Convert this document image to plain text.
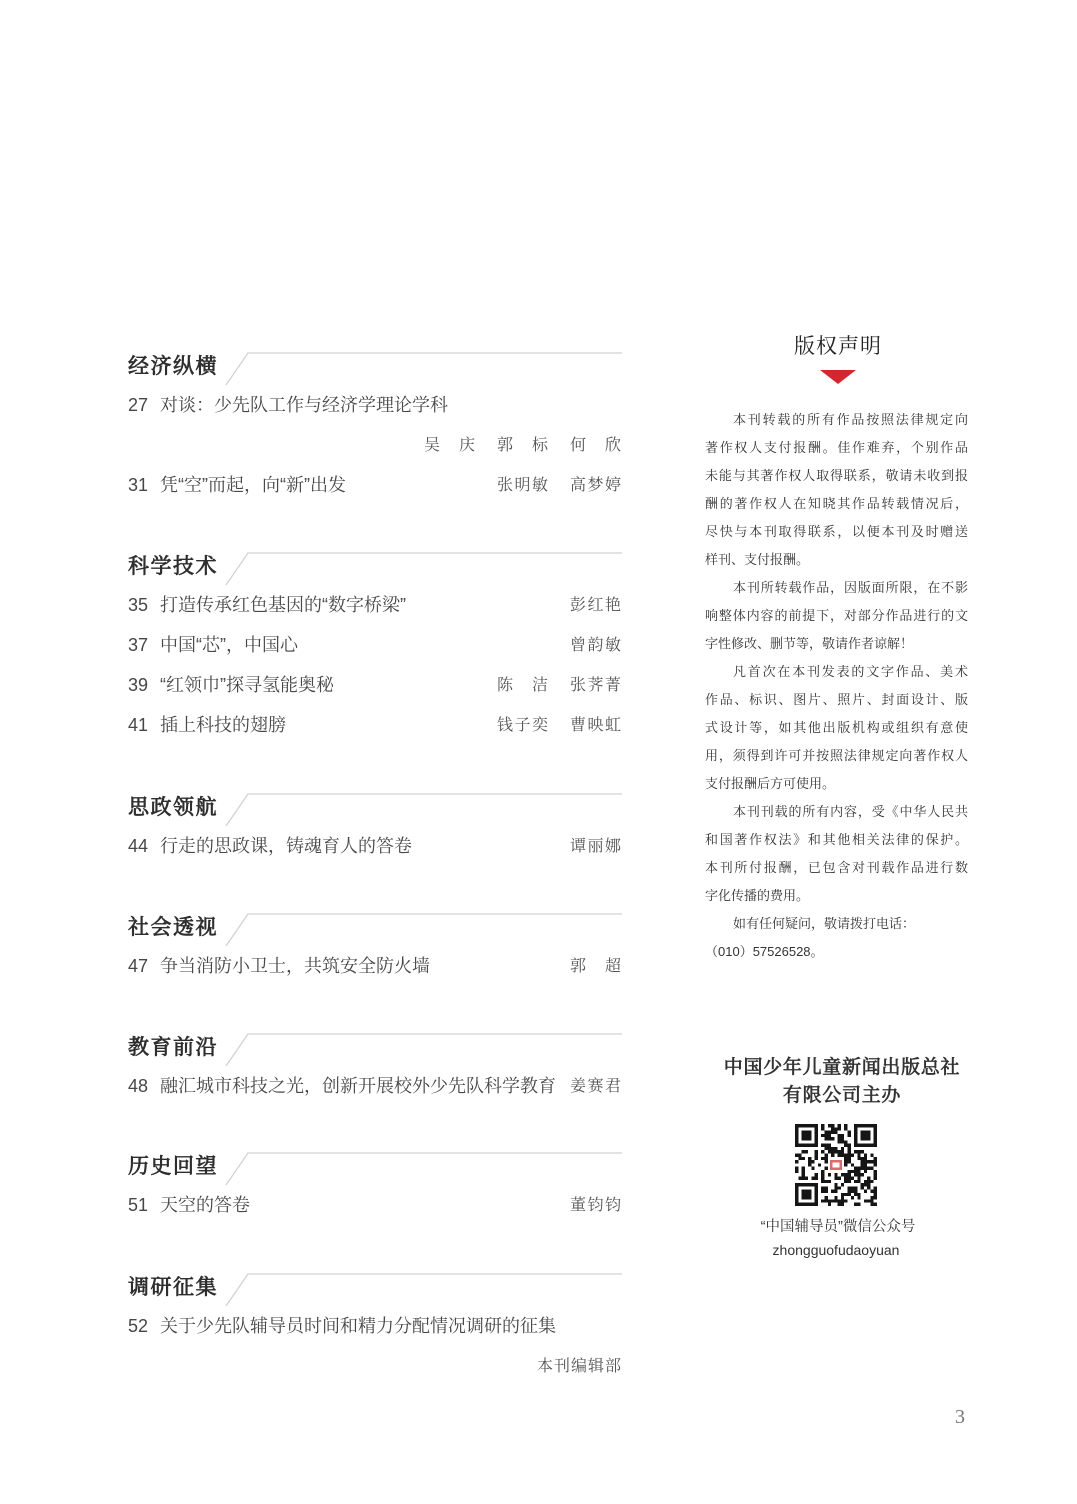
经济纵横
27 对谈：少先队工作与经济学理论学科
吴 庆 郭 标 何 欣
31 凭“空”而起，向“新”出发	张明敏 高梦婷
科学技术
35 打造传承红色基因的“数字桥梁”	彭红艳
37 中国“芯”，中国心	曾韵敏
39 “红领巾”探寻氢能奥秘	陈 洁 张荠菁
41 插上科技的翅膀	钱子奕 曹映虹
思政领航
44 行走的思政课，铸魂育人的答卷	谭丽娜
社会透视
47 争当消防小卫士，共筑安全防火墙	郭 超
教育前沿
48 融汇城市科技之光，创新开展校外少先队科学教育 姜赛君
历史回望
51 天空的答卷	董钧钧
调研征集
52 关于少先队辅导员时间和精力分配情况调研的征集
本刊编辑部
版权声明
本刊转载的所有作品按照法律规定向
著作权人支付报酬。佳作难弃，个别作品
未能与其著作权人取得联系，敬请未收到报
酬的著作权人在知晓其作品转载情况后，
尽快与本刊取得联系，以便本刊及时赠送
样刊、支付报酬。
本刊所转载作品，因版面所限，在不影
响整体内容的前提下，对部分作品进行的文
字性修改、删节等，敬请作者谅解！
凡首次在本刊发表的文字作品、美术
作品、标识、图片、照片、封面设计、版
式设计等，如其他出版机构或组织有意使
用，须得到许可并按照法律规定向著作权人
支付报酬后方可使用。
本刊刊载的所有内容，受《中华人民共
和国著作权法》和其他相关法律的保护。
本刊所付报酬，已包含对刊载作品进行数
字化传播的费用。
如有任何疑问，敬请拨打电话：
（010）57526528。
中国少年儿童新闻出版总社
有限公司主办
“中国辅导员”微信公众号
zhongguofudaoyuan
3
